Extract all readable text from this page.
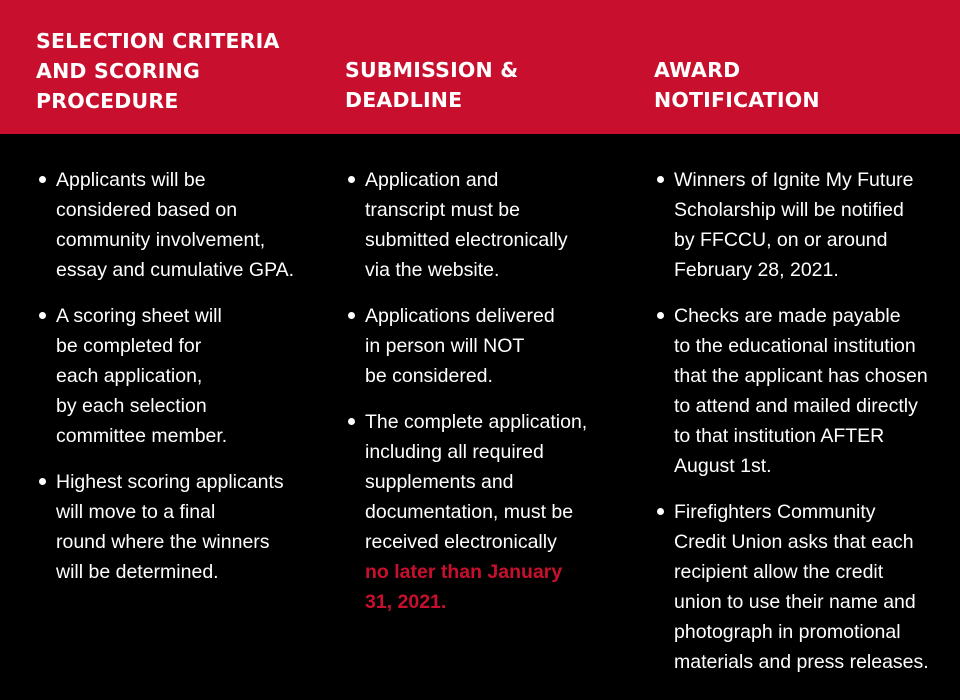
SELECTION CRITERIA
AND SCORING
PROCEDURE
Applicants will be
considered based on
community involvement,
essay and cumulative GPA.
A scoring sheet will
be completed for
each application,
by each selection
committee member.
Highest scoring applicants
will move to a final
round where the winners
will be determined.
SUBMISSION &
DEADLINE
Application and
transcript must be
submitted electronically
via the website.
Applications delivered
in person will NOT
be considered.
The complete application,
including all required
supplements and
documentation, must be
received electronically
no later than January
31, 2021.
AWARD
NOTIFICATION
Winners of Ignite My Future
Scholarship will be notified
by FFCCU, on or around
February 28, 2021.
Checks are made payable
to the educational institution
that the applicant has chosen
to attend and mailed directly
to that institution AFTER
August 1st.
Firefighters Community
Credit Union asks that each
recipient allow the credit
union to use their name and
photograph in promotional
materials and press releases.
